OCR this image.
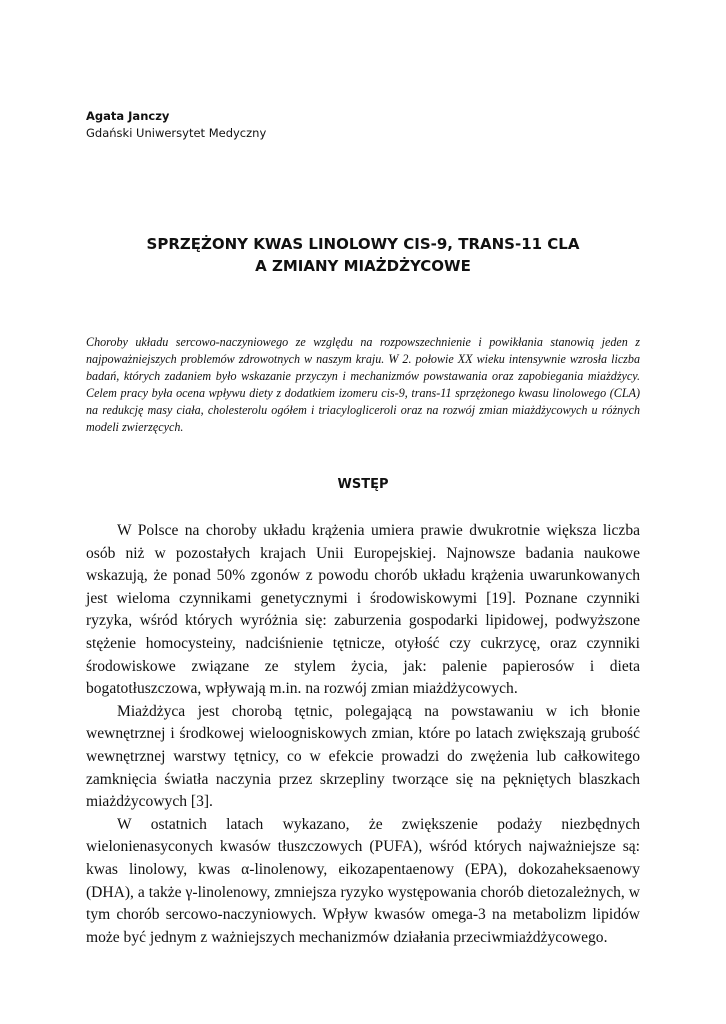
Agata Janczy
Gdański Uniwersytet Medyczny
SPRZĘŻONY KWAS LINOLOWY CIS-9, TRANS-11 CLA
A ZMIANY MIAŻDŻYCOWE
Choroby układu sercowo-naczyniowego ze względu na rozpowszechnienie i powikłania stanowią jeden z najpoważniejszych problemów zdrowotnych w naszym kraju. W 2. połowie XX wieku intensywnie wzrosła liczba badań, których zadaniem było wskazanie przyczyn i mechanizmów powstawania oraz zapobiegania miażdżycy. Celem pracy była ocena wpływu diety z dodatkiem izomeru cis-9, trans-11 sprzężonego kwasu linolowego (CLA) na redukcję masy ciała, cholesterolu ogółem i triacylogliceroli oraz na rozwój zmian miażdżycowych u różnych modeli zwierzęcych.
WSTĘP

W Polsce na choroby układu krążenia umiera prawie dwukrotnie większa liczba osób niż w pozostałych krajach Unii Europejskiej. Najnowsze badania naukowe wskazują, że ponad 50% zgonów z powodu chorób układu krążenia uwarunkowanych jest wieloma czynnikami genetycznymi i środowiskowymi [19]. Poznane czynniki ryzyka, wśród których wyróżnia się: zaburzenia gospodarki lipidowej, podwyższone stężenie homocysteiny, nadciśnienie tętnicze, otyłość czy cukrzycę, oraz czynniki środowiskowe związane ze stylem życia, jak: palenie papierosów i dieta bogatotłuszczowa, wpływają m.in. na rozwój zmian miażdżycowych.

Miażdżyca jest chorobą tętnic, polegającą na powstawaniu w ich błonie wewnętrznej i środkowej wieloogniskowych zmian, które po latach zwiększają grubość wewnętrznej warstwy tętnicy, co w efekcie prowadzi do zwężenia lub całkowitego zamknięcia światła naczynia przez skrzepliny tworzące się na pękniętych blaszkach miażdżycowych [3].

W ostatnich latach wykazano, że zwiększenie podaży niezbędnych wielonienasyconych kwasów tłuszczowych (PUFA), wśród których najważniejsze są: kwas linolowy, kwas α-linolenowy, eikozapentaenowy (EPA), dokozaheksaenowy (DHA), a także γ-linolenowy, zmniejsza ryzyko występowania chorób dietozależnych, w tym chorób sercowo-naczyniowych. Wpływ kwasów omega-3 na metabolizm lipidów może być jednym z ważniejszych mechanizmów działania przeciwmiażdżycowego.
